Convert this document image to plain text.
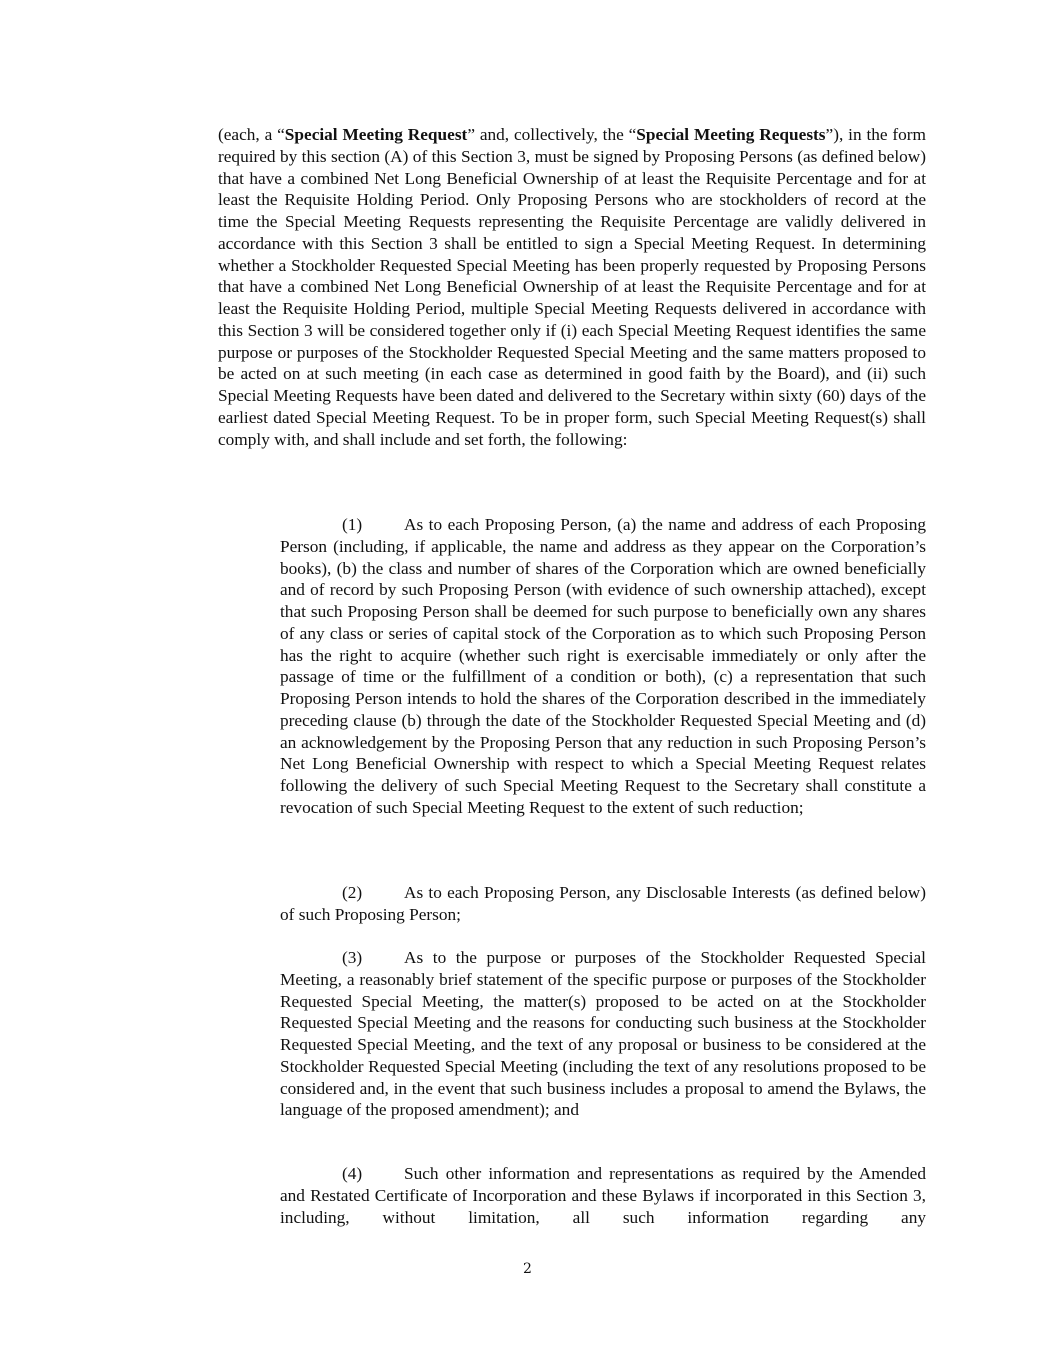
(each, a “Special Meeting Request” and, collectively, the “Special Meeting Requests”), in the form required by this section (A) of this Section 3, must be signed by Proposing Persons (as defined below) that have a combined Net Long Beneficial Ownership of at least the Requisite Percentage and for at least the Requisite Holding Period. Only Proposing Persons who are stockholders of record at the time the Special Meeting Requests representing the Requisite Percentage are validly delivered in accordance with this Section 3 shall be entitled to sign a Special Meeting Request. In determining whether a Stockholder Requested Special Meeting has been properly requested by Proposing Persons that have a combined Net Long Beneficial Ownership of at least the Requisite Percentage and for at least the Requisite Holding Period, multiple Special Meeting Requests delivered in accordance with this Section 3 will be considered together only if (i) each Special Meeting Request identifies the same purpose or purposes of the Stockholder Requested Special Meeting and the same matters proposed to be acted on at such meeting (in each case as determined in good faith by the Board), and (ii) such Special Meeting Requests have been dated and delivered to the Secretary within sixty (60) days of the earliest dated Special Meeting Request. To be in proper form, such Special Meeting Request(s) shall comply with, and shall include and set forth, the following:

(1) As to each Proposing Person, (a) the name and address of each Proposing Person (including, if applicable, the name and address as they appear on the Corporation’s books), (b) the class and number of shares of the Corporation which are owned beneficially and of record by such Proposing Person (with evidence of such ownership attached), except that such Proposing Person shall be deemed for such purpose to beneficially own any shares of any class or series of capital stock of the Corporation as to which such Proposing Person has the right to acquire (whether such right is exercisable immediately or only after the passage of time or the fulfillment of a condition or both), (c) a representation that such Proposing Person intends to hold the shares of the Corporation described in the immediately preceding clause (b) through the date of the Stockholder Requested Special Meeting and (d) an acknowledgement by the Proposing Person that any reduction in such Proposing Person’s Net Long Beneficial Ownership with respect to which a Special Meeting Request relates following the delivery of such Special Meeting Request to the Secretary shall constitute a revocation of such Special Meeting Request to the extent of such reduction;

(2) As to each Proposing Person, any Disclosable Interests (as defined below) of such Proposing Person;

(3) As to the purpose or purposes of the Stockholder Requested Special Meeting, a reasonably brief statement of the specific purpose or purposes of the Stockholder Requested Special Meeting, the matter(s) proposed to be acted on at the Stockholder Requested Special Meeting and the reasons for conducting such business at the Stockholder Requested Special Meeting, and the text of any proposal or business to be considered at the Stockholder Requested Special Meeting (including the text of any resolutions proposed to be considered and, in the event that such business includes a proposal to amend the Bylaws, the language of the proposed amendment); and

(4) Such other information and representations as required by the Amended and Restated Certificate of Incorporation and these Bylaws if incorporated in this Section 3, including, without limitation, all such information regarding any

2
